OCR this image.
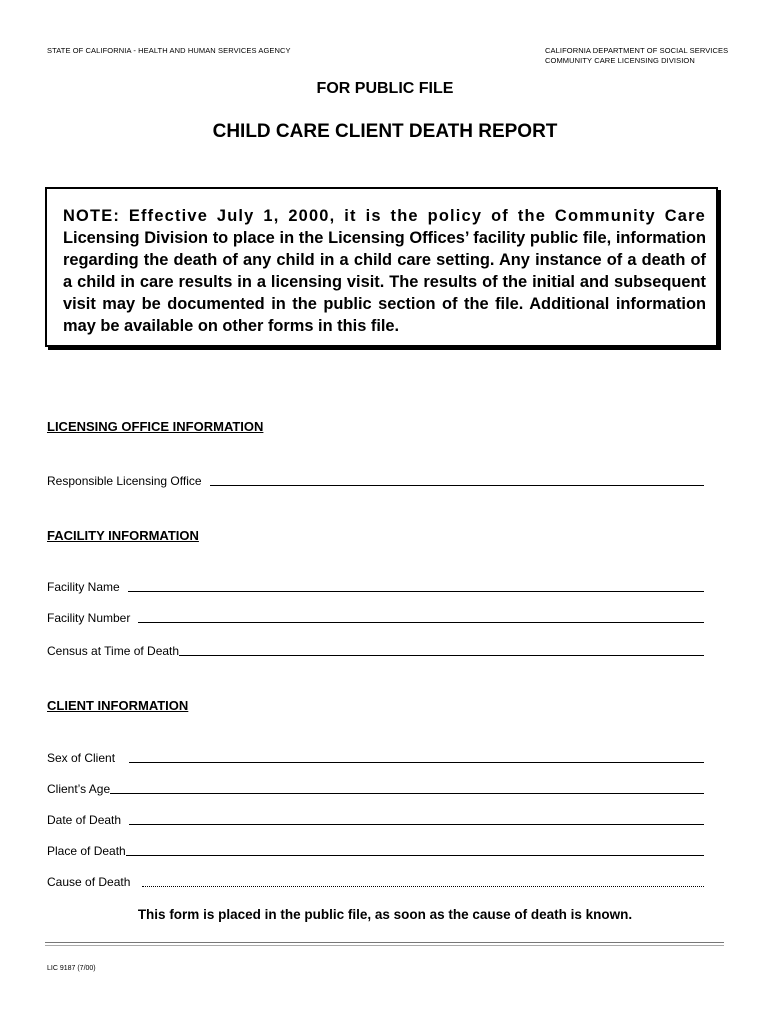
STATE OF CALIFORNIA - HEALTH AND HUMAN SERVICES AGENCY	CALIFORNIA DEPARTMENT OF SOCIAL SERVICES
COMMUNITY CARE LICENSING DIVISION
FOR PUBLIC FILE
CHILD CARE CLIENT DEATH REPORT
NOTE: Effective July 1, 2000, it is the policy of the Community Care Licensing Division to place in the Licensing Offices’ facility public file, information regarding the death of any child in a child care setting. Any instance of a death of a child in care results in a licensing visit. The results of the initial and subsequent visit may be documented in the public section of the file. Additional information may be available on other forms in this file.
LICENSING OFFICE INFORMATION
Responsible Licensing Office
FACILITY INFORMATION
Facility Name
Facility Number
Census at Time of Death
CLIENT INFORMATION
Sex of Client
Client’s Age
Date of Death
Place of Death
Cause of Death
This form is placed in the public file, as soon as the cause of death is known.
LIC 9187 (7/00)
